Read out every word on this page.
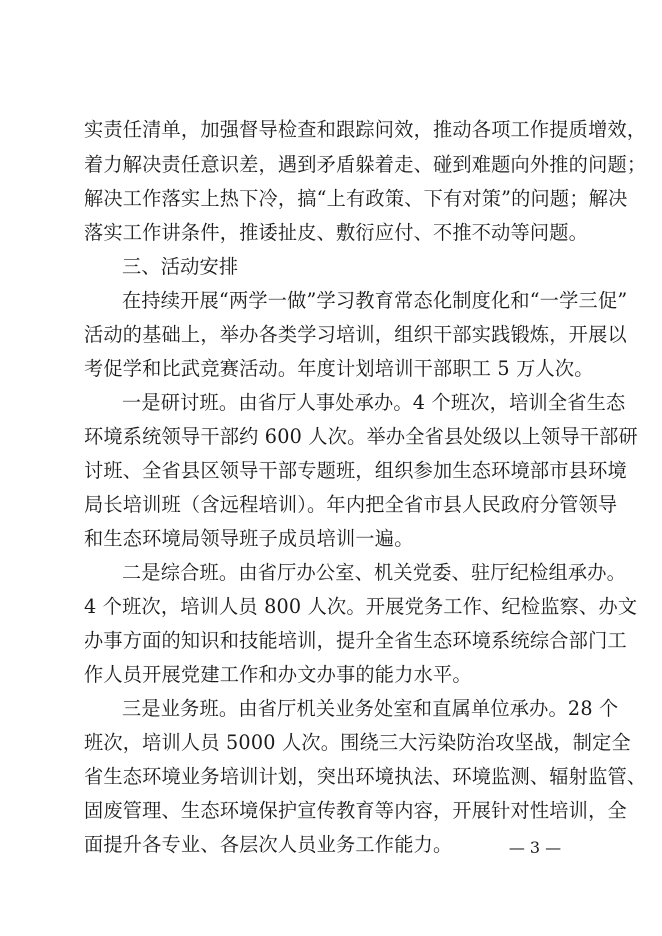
实责任清单，加强督导检查和跟踪问效，推动各项工作提质增效，
着力解决责任意识差，遇到矛盾躲着走、碰到难题向外推的问题；
解决工作落实上热下冷，搞“上有政策、下有对策”的问题；解决
落实工作讲条件，推诿扯皮、敷衍应付、不推不动等问题。
三、活动安排
在持续开展“两学一做”学习教育常态化制度化和“一学三促”
活动的基础上，举办各类学习培训，组织干部实践锻炼，开展以
考促学和比武竞赛活动。年度计划培训干部职工 5 万人次。
一是研讨班。由省厅人事处承办。4 个班次，培训全省生态
环境系统领导干部约 600 人次。举办全省县处级以上领导干部研
讨班、全省县区领导干部专题班，组织参加生态环境部市县环境
局长培训班（含远程培训）。年内把全省市县人民政府分管领导
和生态环境局领导班子成员培训一遍。
二是综合班。由省厅办公室、机关党委、驻厅纪检组承办。
4 个班次，培训人员 800 人次。开展党务工作、纪检监察、办文
办事方面的知识和技能培训，提升全省生态环境系统综合部门工
作人员开展党建工作和办文办事的能力水平。
三是业务班。由省厅机关业务处室和直属单位承办。28 个
班次，培训人员 5000 人次。围绕三大污染防治攻坚战，制定全
省生态环境业务培训计划，突出环境执法、环境监测、辐射监管、
固废管理、生态环境保护宣传教育等内容，开展针对性培训，全
面提升各专业、各层次人员业务工作能力。	— 3 —
